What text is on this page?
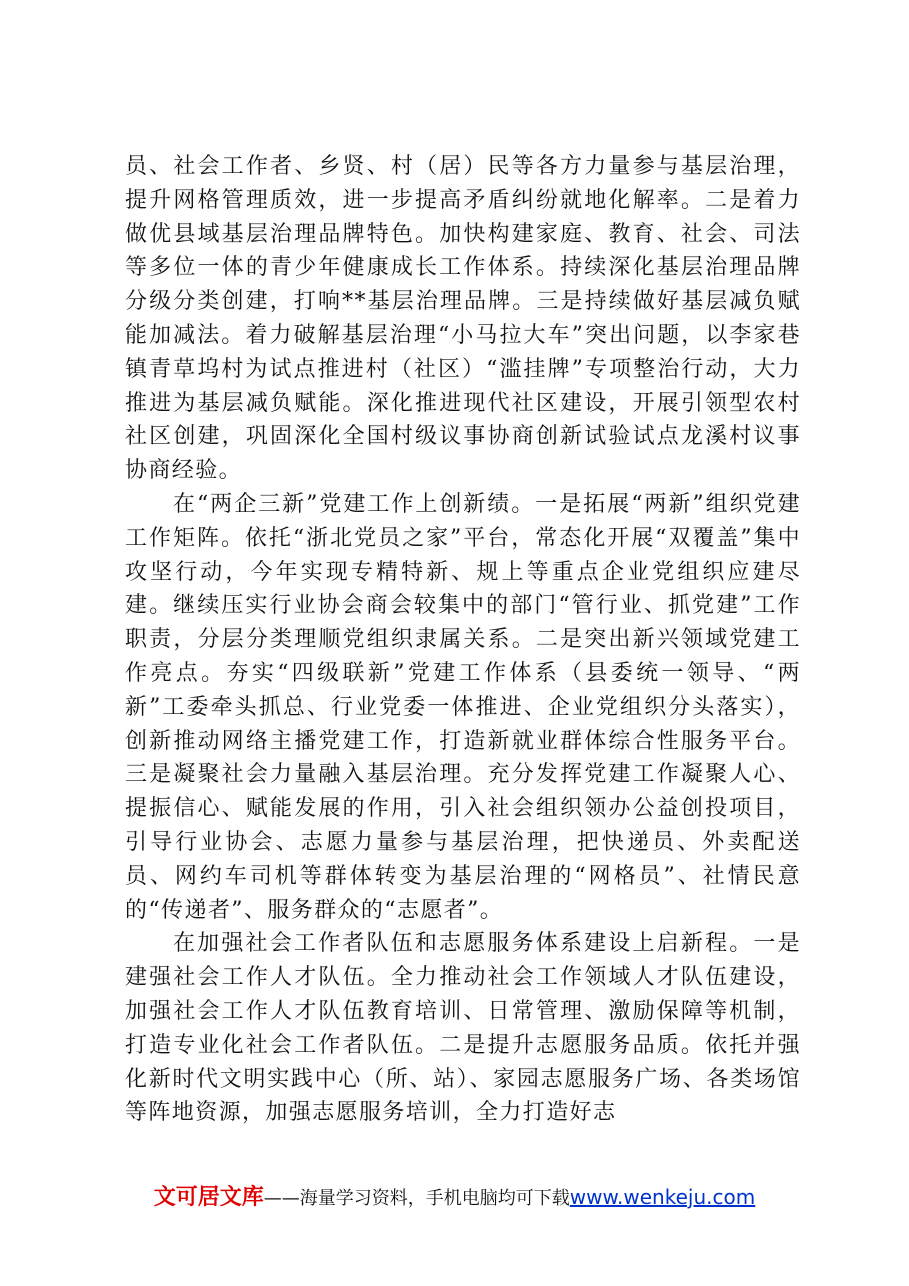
员、社会工作者、乡贤、村（居）民等各方力量参与基层治理，提升网格管理质效，进一步提高矛盾纠纷就地化解率。二是着力做优县域基层治理品牌特色。加快构建家庭、教育、社会、司法等多位一体的青少年健康成长工作体系。持续深化基层治理品牌分级分类创建，打响**基层治理品牌。三是持续做好基层减负赋能加减法。着力破解基层治理“小马拉大车”突出问题，以李家巷镇青草坞村为试点推进村（社区）“滥挂牌”专项整治行动，大力推进为基层减负赋能。深化推进现代社区建设，开展引领型农村社区创建，巩固深化全国村级议事协商创新试验试点龙溪村议事协商经验。

在“两企三新”党建工作上创新绩。一是拓展“两新”组织党建工作矩阵。依托“浙北党员之家”平台，常态化开展“双覆盖”集中攻坚行动，今年实现专精特新、规上等重点企业党组织应建尽建。继续压实行业协会商会较集中的部门“管行业、抓党建”工作职责，分层分类理顺党组织隶属关系。二是突出新兴领域党建工作亮点。夯实“四级联新”党建工作体系（县委统一领导、“两新”工委牵头抓总、行业党委一体推进、企业党组织分头落实），创新推动网络主播党建工作，打造新就业群体综合性服务平台。三是凝聚社会力量融入基层治理。充分发挥党建工作凝聚人心、提振信心、赋能发展的作用，引入社会组织领办公益创投项目，引导行业协会、志愿力量参与基层治理，把快递员、外卖配送员、网约车司机等群体转变为基层治理的“网格员”、社情民意的“传递者”、服务群众的“志愿者”。

在加强社会工作者队伍和志愿服务体系建设上启新程。一是建强社会工作人才队伍。全力推动社会工作领域人才队伍建设，加强社会工作人才队伍教育培训、日常管理、激励保障等机制，打造专业化社会工作者队伍。二是提升志愿服务品质。依托并强化新时代文明实践中心（所、站）、家园志愿服务广场、各类场馆等阵地资源，加强志愿服务培训，全力打造好志

文可居文库——海量学习资料，手机电脑均可下载www.wenkeju.com
